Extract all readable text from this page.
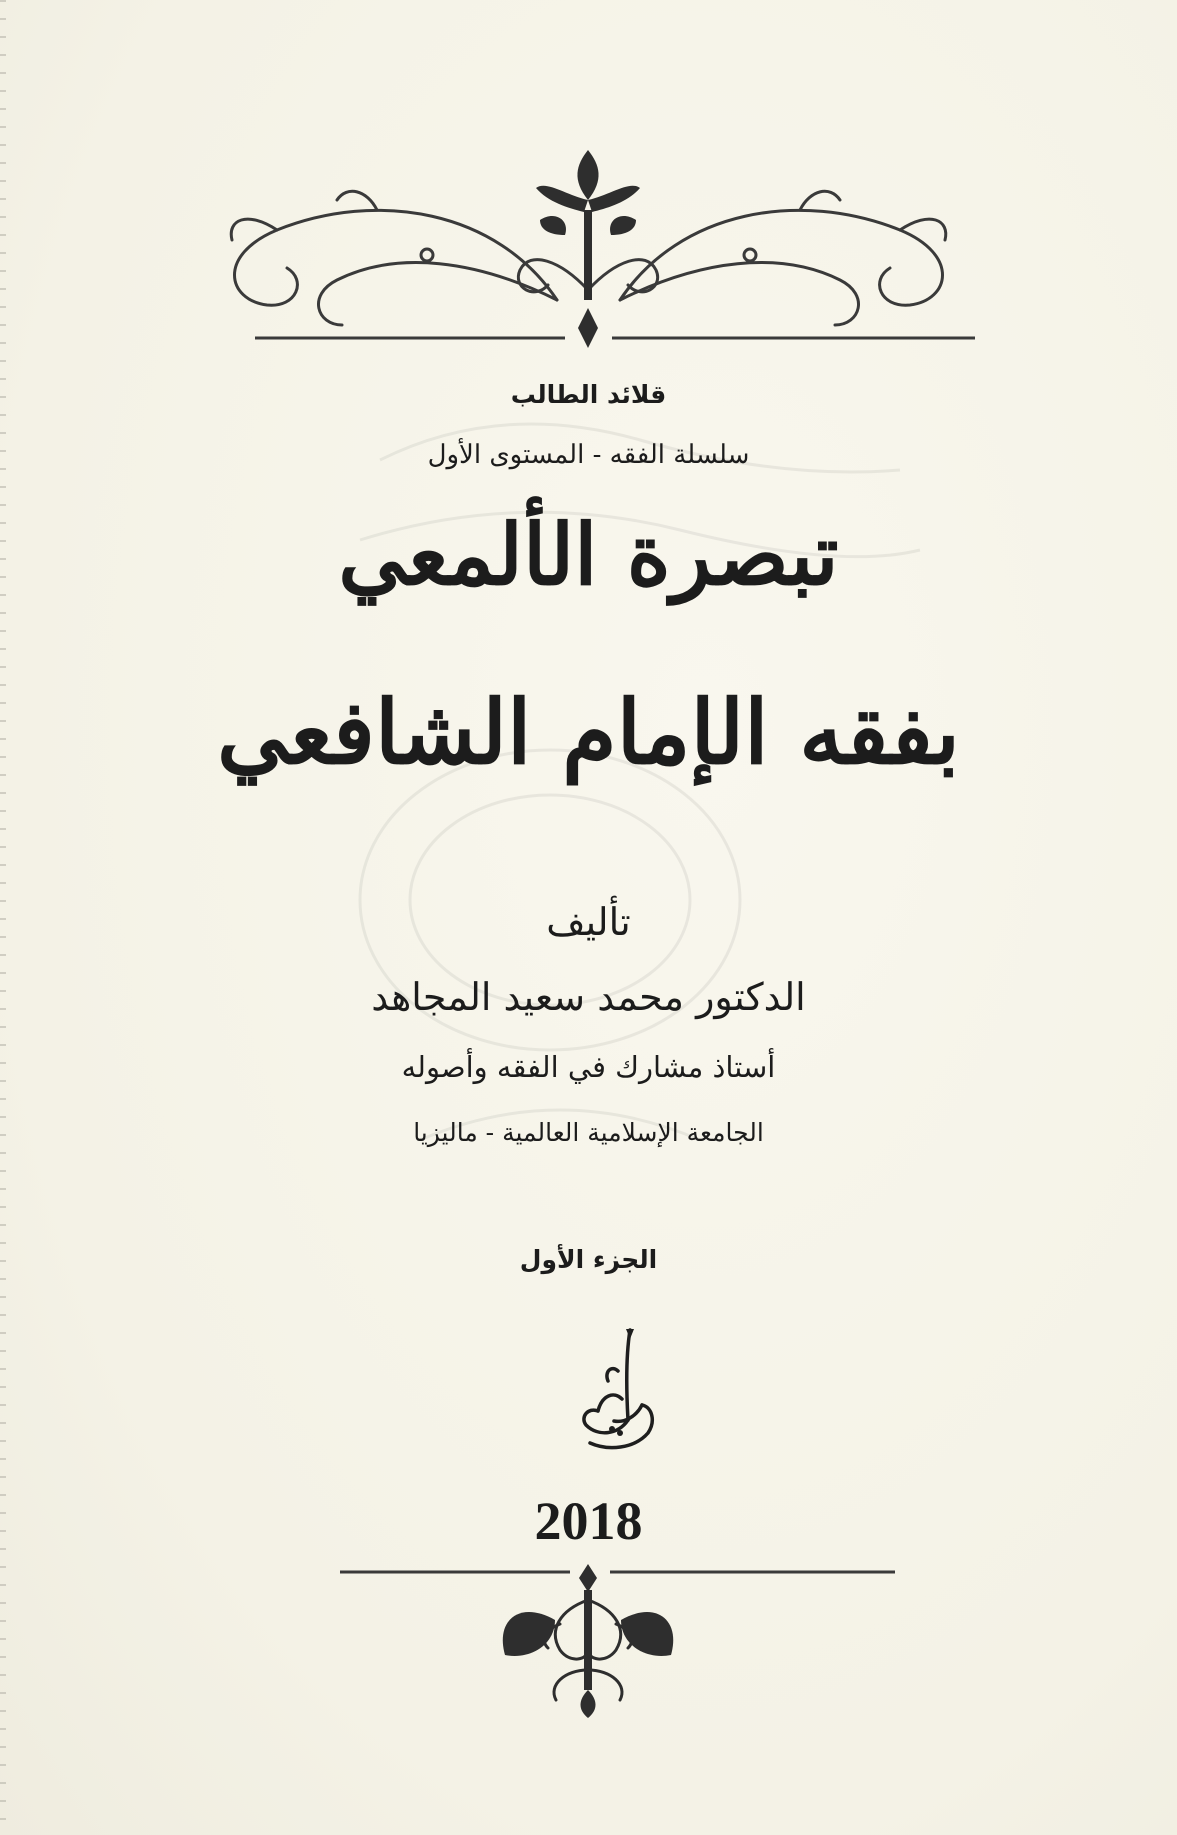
قلائد الطالب
سلسلة الفقه - المستوى الأول
تبصرة الألمعي
بفقه الإمام الشافعي
تأليف
الدكتور محمد سعيد المجاهد
أستاذ مشارك في الفقه وأصوله
الجامعة الإسلامية العالمية - ماليزيا
الجزء الأول
2018
